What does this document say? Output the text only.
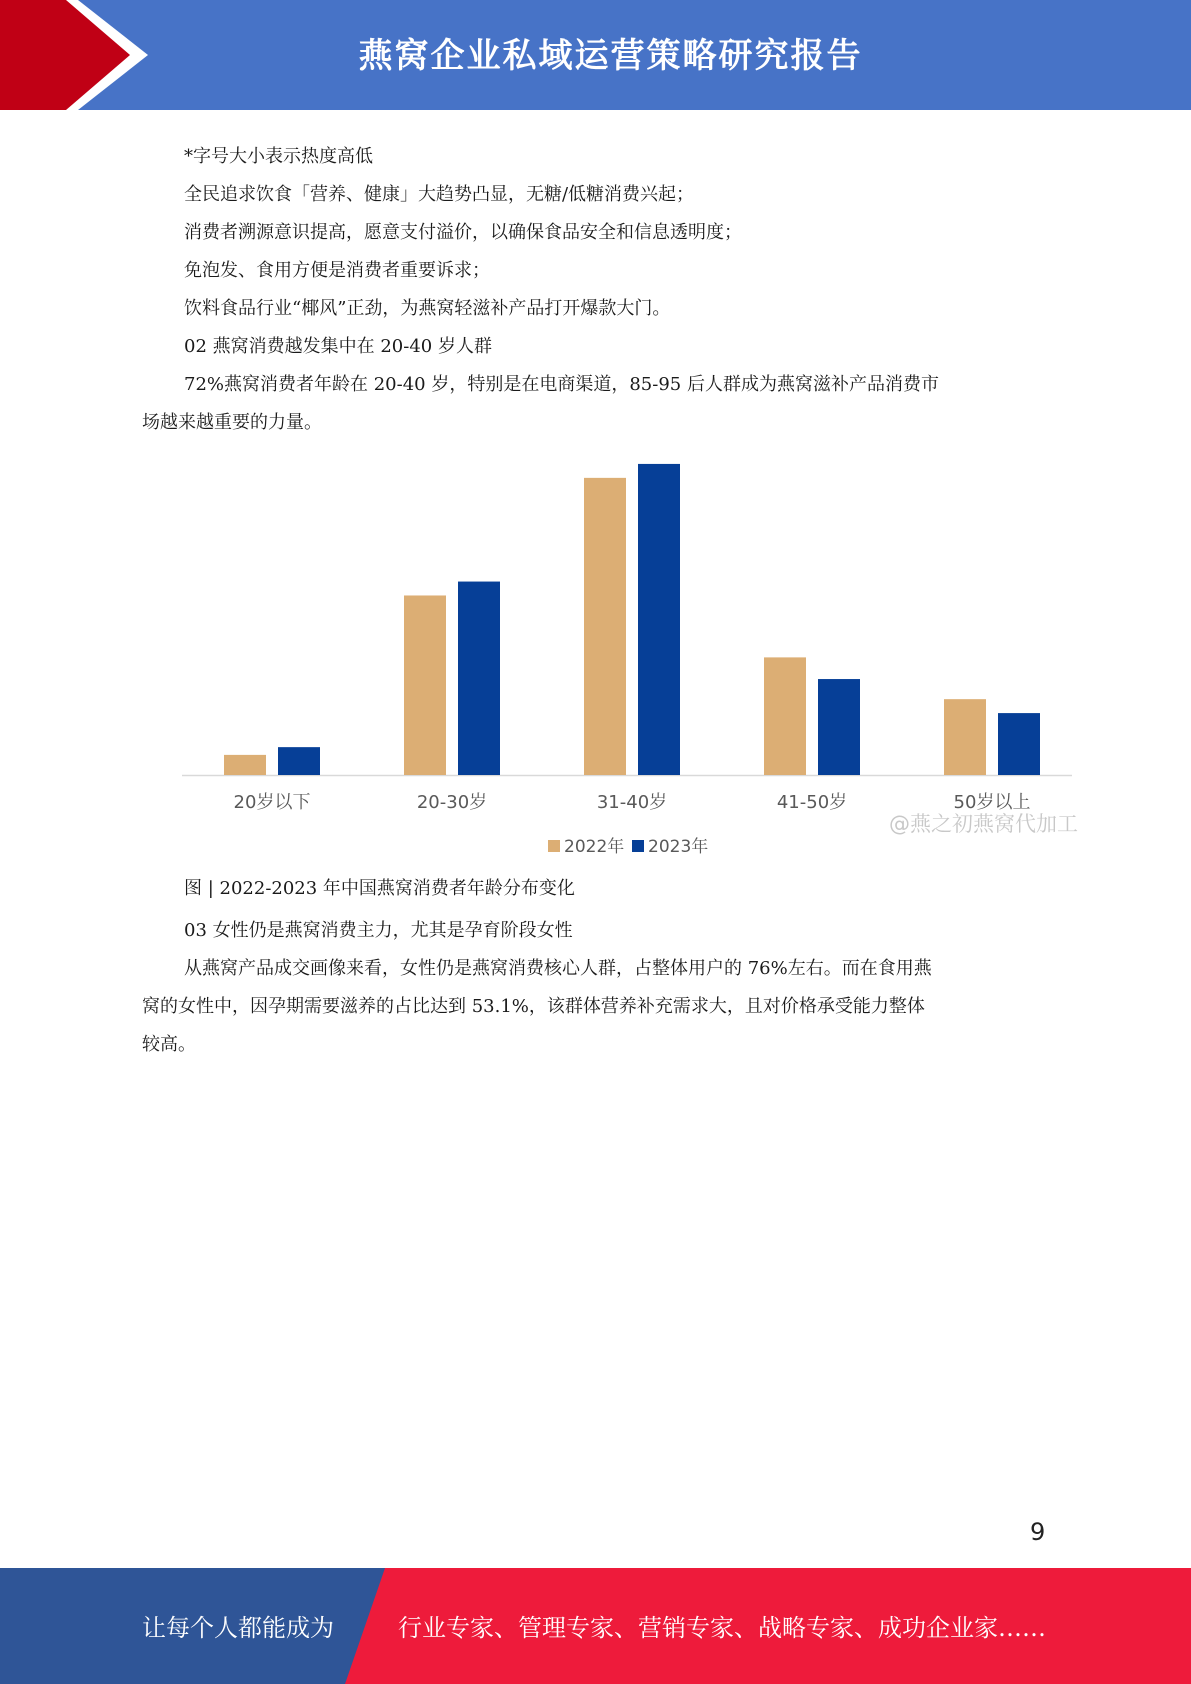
燕窝企业私域运营策略研究报告

*字号大小表示热度高低

全民追求饮食「营养、健康」大趋势凸显，无糖/低糖消费兴起；

消费者溯源意识提高，愿意支付溢价，以确保食品安全和信息透明度；

免泡发、食用方便是消费者重要诉求；

饮料食品行业“椰风”正劲，为燕窝轻滋补产品打开爆款大门。

02 燕窝消费越发集中在 20-40 岁人群

72%燕窝消费者年龄在 20-40 岁，特别是在电商渠道，85-95 后人群成为燕窝滋补产品消费市

场越来越重要的力量。

20岁以下	20-30岁	31-40岁	41-50岁	50岁以上
2022年 2023年
@燕之初燕窝代加工
图 | 2022-2023 年中国燕窝消费者年龄分布变化

03 女性仍是燕窝消费主力，尤其是孕育阶段女性

从燕窝产品成交画像来看，女性仍是燕窝消费核心人群，占整体用户的 76%左右。而在食用燕

窝的女性中，因孕期需要滋养的占比达到 53.1%，该群体营养补充需求大，且对价格承受能力整体

较高。

9
让每个人都能成为	行业专家、管理专家、营销专家、战略专家、成功企业家……
